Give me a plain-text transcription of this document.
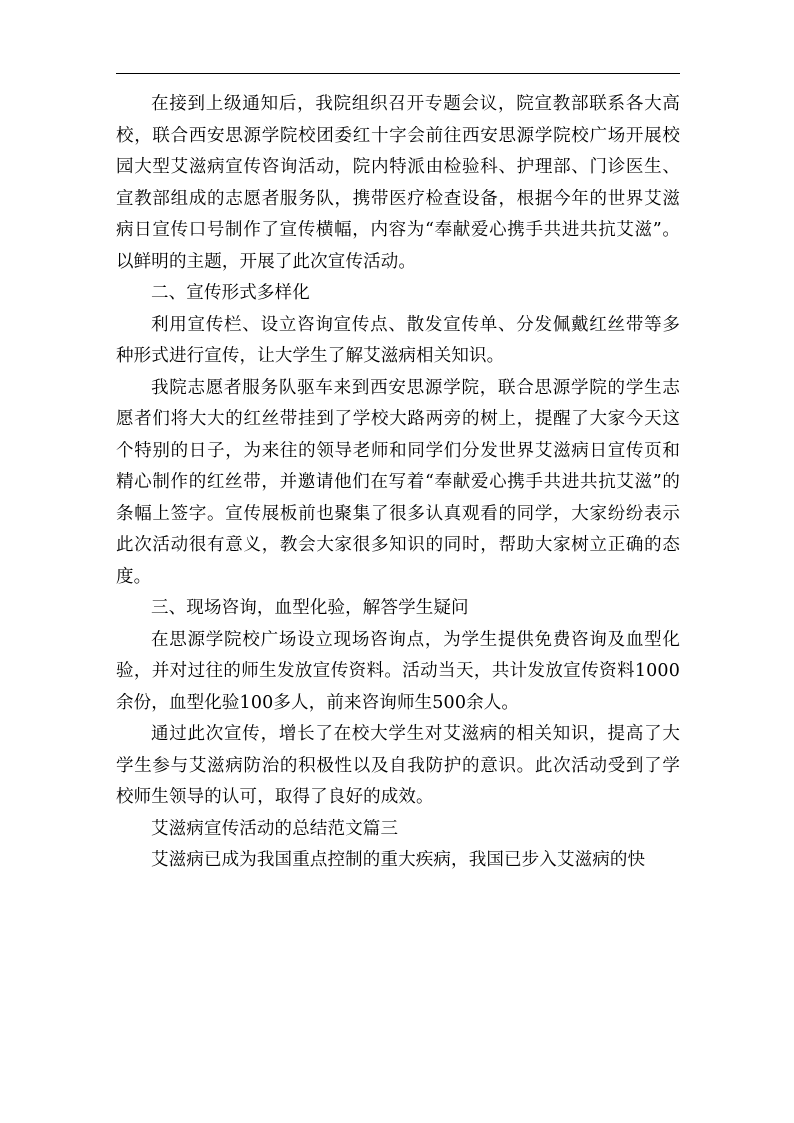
在接到上级通知后，我院组织召开专题会议，院宣教部联系各大高校，联合西安思源学院校团委红十字会前往西安思源学院校广场开展校园大型艾滋病宣传咨询活动，院内特派由检验科、护理部、门诊医生、宣教部组成的志愿者服务队，携带医疗检查设备，根据今年的世界艾滋病日宣传口号制作了宣传横幅，内容为“奉献爱心携手共进共抗艾滋”。以鲜明的主题，开展了此次宣传活动。

二、宣传形式多样化

利用宣传栏、设立咨询宣传点、散发宣传单、分发佩戴红丝带等多种形式进行宣传，让大学生了解艾滋病相关知识。

我院志愿者服务队驱车来到西安思源学院，联合思源学院的学生志愿者们将大大的红丝带挂到了学校大路两旁的树上，提醒了大家今天这个特别的日子，为来往的领导老师和同学们分发世界艾滋病日宣传页和精心制作的红丝带，并邀请他们在写着“奉献爱心携手共进共抗艾滋”的条幅上签字。宣传展板前也聚集了很多认真观看的同学，大家纷纷表示此次活动很有意义，教会大家很多知识的同时，帮助大家树立正确的态度。

三、现场咨询，血型化验，解答学生疑问

在思源学院校广场设立现场咨询点，为学生提供免费咨询及血型化验，并对过往的师生发放宣传资料。活动当天，共计发放宣传资料1000余份，血型化验100多人，前来咨询师生500余人。

通过此次宣传，增长了在校大学生对艾滋病的相关知识，提高了大学生参与艾滋病防治的积极性以及自我防护的意识。此次活动受到了学校师生领导的认可，取得了良好的成效。

艾滋病宣传活动的总结范文篇三

艾滋病已成为我国重点控制的重大疾病，我国已步入艾滋病的快
